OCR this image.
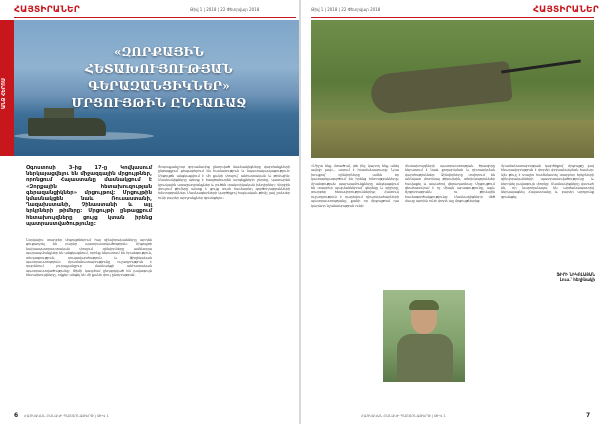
ՀԱՅՏԻՐԱՆԵՐ	Թիվ 1 | 2018 | 22 Փետրվար 2018
«ԶՈՐՔԱՅԻՆ ՀԵՏԱԽՈՒՅՈՒԹՅԱՆ ԳԵՐԱԶԱՆՑԻԿՆԵՐ» ՄՐՑՈՒՅԹԻՆ ԸՆԴԱՌԱՋ
ԱՆՁ ՀԵՐՈՍ
Օգոստոսի 3-ից 17-ը Կովկասում ներկայացվելու են միջազգային մրցույթներ, որոնցում Հայաստանը մասնակցում է «Զորքային հետախուզության գերազանցիկներ» մրցույթով: Մրցույթին կմասնակցեն նաև Ռուսաստանի, Ղազախստանի, Չինաստանի և այլ երկրների թիմերը: Մրցույթի ընթացքում հետախույզները ցույց կտան իրենց պատրաստվածությունը:
Ներկայիս տարբեր մրցույթներում հայ զինվորականները արդեն ցուցադրել են բարձր պատրաստվածություն: Մրցույթի նախապատրաստական փուլում զինվորները ամենօրյա պարապմունքներ են անցկացնում, որոնք ներառում են հրաձգություն, տեղագրություն, սուզավարժություն և ֆիզիկական պատրաստություն: Հրամանատարությունը ուշադրություն է դարձնում յուրաքանչյուր մասնակցի անհատական պատրաստվածությանը: Թիմի կազմում ընդգրկված են լավագույն հետախույզները, ովքեր անցել են մի քանի փուլ ընտրություն:
Յուրաքանչյուր զորամասից ընտրված մասնակիցները վարժանքների ընթացքում ցուցաբերում են համառություն և նպատակասլացություն: Մրցույթն անցկացվում է մի քանի փուլով՝ անհատական և թիմային: Մասնակիցները պետք է հաղթահարեն արգելքների շերտը, կատարեն կրակային առաջադրանքներ և լուծեն տակտիկական խնդիրներ: Վերջին փուլում թիմերը պետք է ցույց տան համատեղ գործողությունների հմտություններ: Մասնագետների կարծիքով հայկական թիմը լավ շանսեր ունի բարձր արդյունքներ գրանցելու:
6 ՀԱՅԿԱԿԱՆ ԲԱՆԱԿԻ ՊԱՇՏՈՆԱԹԵՐԹ | ԹԻՎ 1
Թիվ 1 | 2018 | 22 Փետրվար 2018	ՀԱՅՏԻՐԱՆԵՐ
«Միշտ ենք մտածում, թե ինչ կարող ենք անել ավելի լավ»,- ասում է հրամանատարը: Նրա խոսքով՝ զինվորները ամեն օր կատարելագործում են իրենց հմտությունները: Հրաձգության պարապմունքները անցկացվում են տարբեր պայմաններում՝ ցերեկը և գիշերը, տարբեր հեռավորություններից: Հատուկ ուշադրություն է դարձվում դիպուկահարների պատրաստությանը, քանի որ մրցույթում դա կարևոր նշանակություն ունի:
Հետախույզների պատրաստության ծրագիրը ներառում է նաև քողարկման և դիտարկման վարժություններ: Զինվորները սովորում են աննկատ մոտենալ թիրախին, տեղեկություններ հավաքել և ապահով վերադառնալ: Մրցույթում գնահատվում է ոչ միայն արագությունը, այլև ճշգրտությունն ու թիմային համագործակցությունը: Մասնակիցների մեծ մասը արդեն ունի փորձ այլ մրցույթներից:
Հրամանատարության կարծիքով՝ մրցույթը լավ հնարավորություն է փորձի փոխանակման համար: Այն թույլ է տալիս համեմատել տարբեր երկրների զինվորականների պատրաստվածությունը և ներդնել լավագույն փորձը: Մասնակիցները վստահ են, որ կարողանալու են արժանապատիվ ներկայացնել Հայաստանը և բարձր արդյունք գրանցել:
ՖԻՐԻ ՆԻԿՈԼԱՅԱՆ
Լուս.՝ հեղինակի
ՀԱՅԿԱԿԱՆ ԲԱՆԱԿԻ ՊԱՇՏՈՆԱԹԵՐԹ | ԹԻՎ 1	7
